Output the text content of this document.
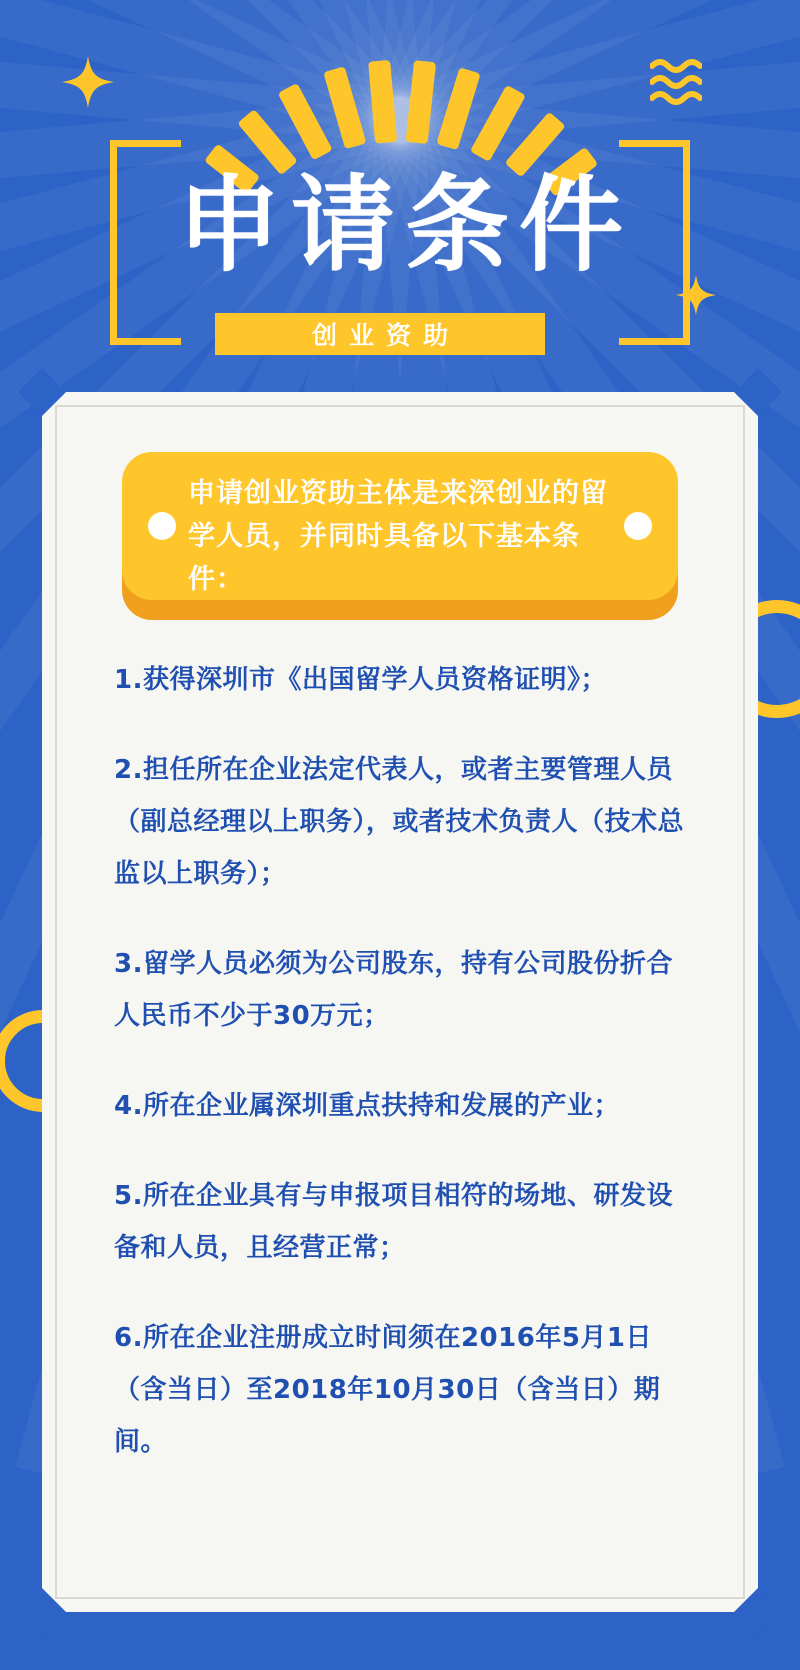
申请条件
创业资助

申请创业资助主体是来深创业的留学人员，并同时具备以下基本条件：

1.获得深圳市《出国留学人员资格证明》；
2.担任所在企业法定代表人，或者主要管理人员（副总经理以上职务），或者技术负责人（技术总监以上职务）；
3.留学人员必须为公司股东，持有公司股份折合人民币不少于30万元；
4.所在企业属深圳重点扶持和发展的产业；
5.所在企业具有与申报项目相符的场地、研发设备和人员，且经营正常；
6.所在企业注册成立时间须在2016年5月1日（含当日）至2018年10月30日（含当日）期间。
